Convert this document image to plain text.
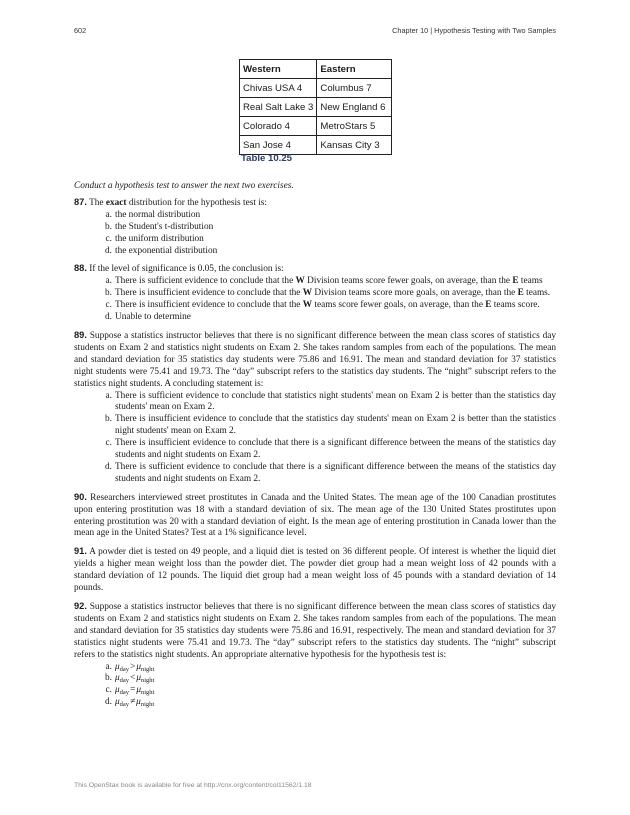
602	Chapter 10 | Hypothesis Testing with Two Samples
Western	Eastern
Chivas USA 4	Columbus 7
Real Salt Lake 3	New England 6
Colorado 4	MetroStars 5
San Jose 4	Kansas City 3
Table 10.25

Conduct a hypothesis test to answer the next two exercises.

87. The exact distribution for the hypothesis test is:
a. the normal distribution
b. the Student's t-distribution
c. the uniform distribution
d. the exponential distribution
88. If the level of significance is 0.05, the conclusion is:
a. There is sufficient evidence to conclude that the W Division teams score fewer goals, on average, than the E teams
b. There is insufficient evidence to conclude that the W Division teams score more goals, on average, than the E teams.
c. There is insufficient evidence to conclude that the W teams score fewer goals, on average, than the E teams score.
d. Unable to determine
89. Suppose a statistics instructor believes that there is no significant difference between the mean class scores of statistics day students on Exam 2 and statistics night students on Exam 2. She takes random samples from each of the populations. The mean and standard deviation for 35 statistics day students were 75.86 and 16.91. The mean and standard deviation for 37 statistics night students were 75.41 and 19.73. The “day” subscript refers to the statistics day students. The “night” subscript refers to the statistics night students. A concluding statement is:
a. There is sufficient evidence to conclude that statistics night students' mean on Exam 2 is better than the statistics day students' mean on Exam 2.
b. There is insufficient evidence to conclude that the statistics day students' mean on Exam 2 is better than the statistics night students' mean on Exam 2.
c. There is insufficient evidence to conclude that there is a significant difference between the means of the statistics day students and night students on Exam 2.
d. There is sufficient evidence to conclude that there is a significant difference between the means of the statistics day students and night students on Exam 2.
90. Researchers interviewed street prostitutes in Canada and the United States. The mean age of the 100 Canadian prostitutes upon entering prostitution was 18 with a standard deviation of six. The mean age of the 130 United States prostitutes upon entering prostitution was 20 with a standard deviation of eight. Is the mean age of entering prostitution in Canada lower than the mean age in the United States? Test at a 1% significance level.
91. A powder diet is tested on 49 people, and a liquid diet is tested on 36 different people. Of interest is whether the liquid diet yields a higher mean weight loss than the powder diet. The powder diet group had a mean weight loss of 42 pounds with a standard deviation of 12 pounds. The liquid diet group had a mean weight loss of 45 pounds with a standard deviation of 14 pounds.
92. Suppose a statistics instructor believes that there is no significant difference between the mean class scores of statistics day students on Exam 2 and statistics night students on Exam 2. She takes random samples from each of the populations. The mean and standard deviation for 35 statistics day students were 75.86 and 16.91, respectively. The mean and standard deviation for 37 statistics night students were 75.41 and 19.73. The “day” subscript refers to the statistics day students. The “night” subscript refers to the statistics night students. An appropriate alternative hypothesis for the hypothesis test is:
a. $\mu_{day}>\mu_{night}$
b. $\mu_{day}<\mu_{night}$
c. $\mu_{day}=\mu_{night}$
d. $\mu_{day}\ne\mu_{night}$
This OpenStax book is available for free at http://cnx.org/content/col11562/1.18
